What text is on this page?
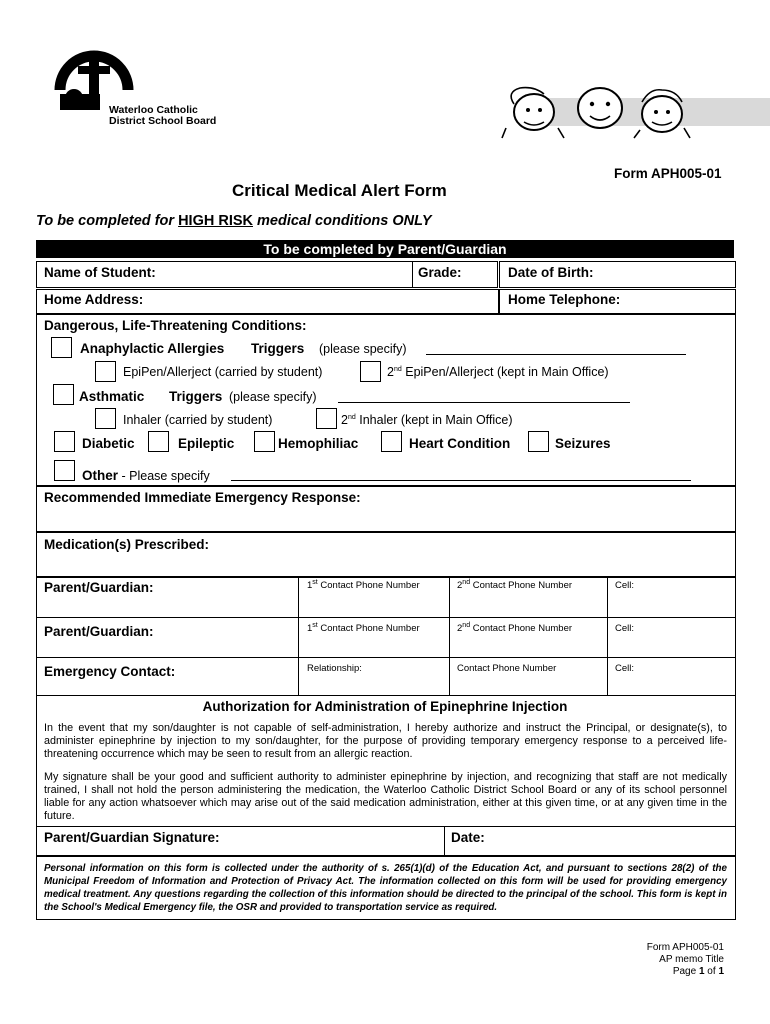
Waterloo Catholic
District School Board
Form APH005-01
Critical Medical Alert Form
To be completed for HIGH RISK medical conditions ONLY
To be completed by Parent/Guardian
Name of Student:	Grade:	Date of Birth:
Home Address:	Home Telephone:
Dangerous, Life-Threatening Conditions:
Anaphylactic Allergies Triggers (please specify)
EpiPen/Allerject (carried by student)	2nd EpiPen/Allerject (kept in Main Office)
Asthmatic Triggers (please specify)
Inhaler (carried by student)	2nd Inhaler (kept in Main Office)
Diabetic	Epileptic	Hemophiliac	Heart Condition	Seizures
Other - Please specify
Recommended Immediate Emergency Response:
Medication(s) Prescribed:
Parent/Guardian:	1st Contact Phone Number	2nd Contact Phone Number	Cell:
Parent/Guardian:	1st Contact Phone Number	2nd Contact Phone Number	Cell:
Emergency Contact:	Relationship:	Contact Phone Number	Cell:
Authorization for Administration of Epinephrine Injection
In the event that my son/daughter is not capable of self-administration, I hereby authorize and instruct the Principal, or designate(s), to administer epinephrine by injection to my son/daughter, for the purpose of providing temporary emergency response to a perceived life-threatening occurrence which may be seen to result from an allergic reaction.
My signature shall be your good and sufficient authority to administer epinephrine by injection, and recognizing that staff are not medically trained, I shall not hold the person administering the medication, the Waterloo Catholic District School Board or any of its school personnel liable for any action whatsoever which may arise out of the said medication administration, either at this given time, or at any given time in the future.
Parent/Guardian Signature:	Date:
Personal information on this form is collected under the authority of s. 265(1)(d) of the Education Act, and pursuant to sections 28(2) of the Municipal Freedom of Information and Protection of Privacy Act. The information collected on this form will be used for providing emergency medical treatment. Any questions regarding the collection of this information should be directed to the principal of the school. This form is kept in the School's Medical Emergency file, the OSR and provided to transportation service as required.
Form APH005-01
AP memo Title
Page 1 of 1
